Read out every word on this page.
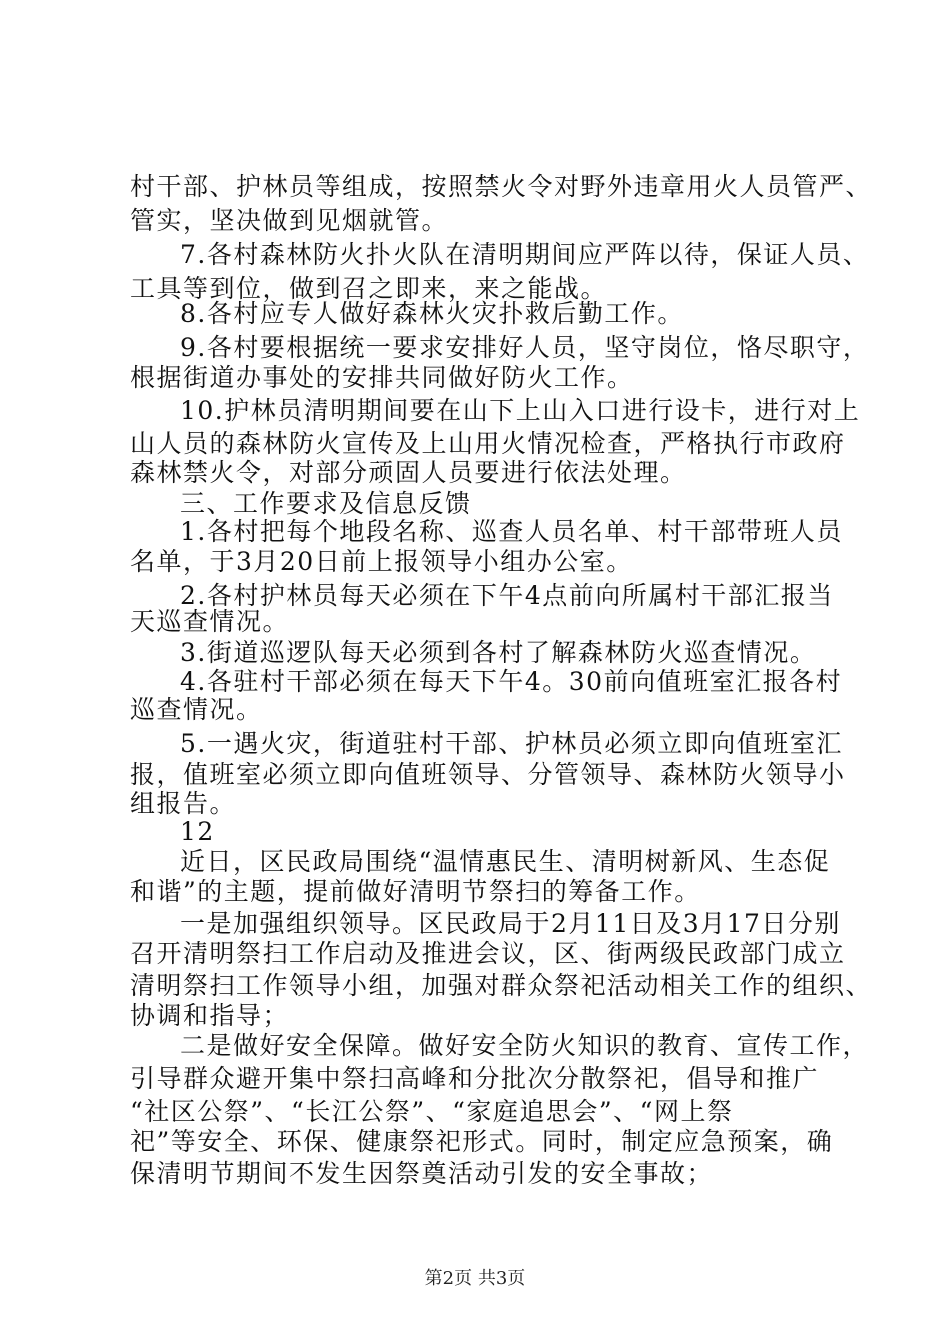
村干部、护林员等组成，按照禁火令对野外违章用火人员管严、
管实，坚决做到见烟就管。
7.各村森林防火扑火队在清明期间应严阵以待，保证人员、
工具等到位，做到召之即来，来之能战。
8.各村应专人做好森林火灾扑救后勤工作。
9.各村要根据统一要求安排好人员，坚守岗位，恪尽职守，
根据街道办事处的安排共同做好防火工作。
10.护林员清明期间要在山下上山入口进行设卡，进行对上
山人员的森林防火宣传及上山用火情况检查，严格执行市政府
森林禁火令，对部分顽固人员要进行依法处理。
三、工作要求及信息反馈
1.各村把每个地段名称、巡查人员名单、村干部带班人员
名单，于3月20日前上报领导小组办公室。
2.各村护林员每天必须在下午4点前向所属村干部汇报当
天巡查情况。
3.街道巡逻队每天必须到各村了解森林防火巡查情况。
4.各驻村干部必须在每天下午4。30前向值班室汇报各村
巡查情况。
5.一遇火灾，街道驻村干部、护林员必须立即向值班室汇
报，值班室必须立即向值班领导、分管领导、森林防火领导小
组报告。
12
近日，区民政局围绕“温情惠民生、清明树新风、生态促
和谐”的主题，提前做好清明节祭扫的筹备工作。
一是加强组织领导。区民政局于2月11日及3月17日分别
召开清明祭扫工作启动及推进会议，区、街两级民政部门成立
清明祭扫工作领导小组，加强对群众祭祀活动相关工作的组织、
协调和指导；
二是做好安全保障。做好安全防火知识的教育、宣传工作，
引导群众避开集中祭扫高峰和分批次分散祭祀，倡导和推广
“社区公祭”、“长江公祭”、“家庭追思会”、“网上祭
祀”等安全、环保、健康祭祀形式。同时，制定应急预案，确
保清明节期间不发生因祭奠活动引发的安全事故；
第2页 共3页
